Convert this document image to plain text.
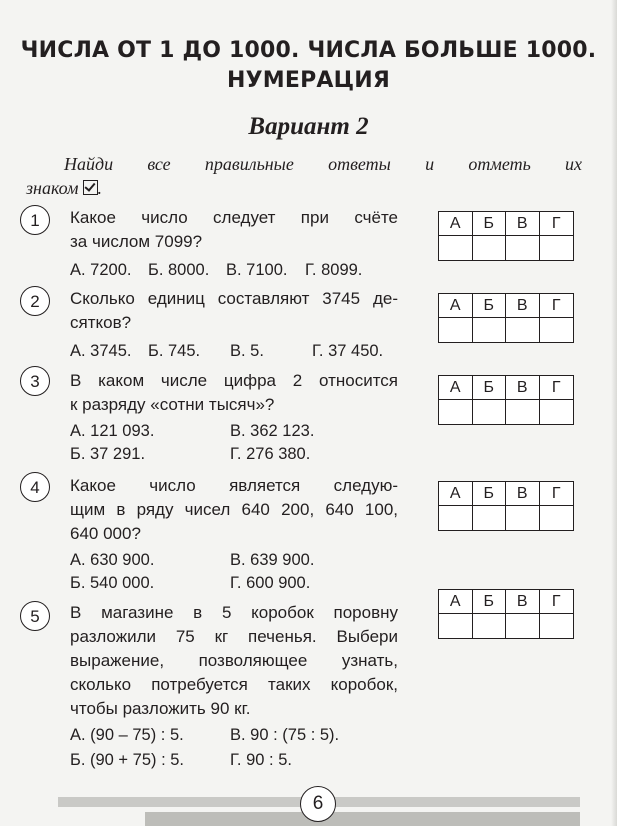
ЧИСЛА ОТ 1 ДО 1000. ЧИСЛА БОЛЬШЕ 1000.
НУМЕРАЦИЯ
Вариант 2
Найди все правильные ответы и отметь их
знаком .
1	Какое число следует при счёте
за числом 7099?
А. 7200. Б. 8000. В. 7100. Г. 8099.
А	Б	В	Г
2	Сколько единиц составляют 3745 де-
сятков?
А. 3745. Б. 745. В. 5.	Г. 37 450.
А	Б	В	Г
3	В каком числе цифра 2 относится
к разряду «сотни тысяч»?
А. 121 093.	В. 362 123.
Б. 37 291.	Г. 276 380.
А	Б	В	Г
4	Какое число является следую-
щим в ряду чисел 640 200, 640 100,
640 000?
А. 630 900.	В. 639 900.
Б. 540 000.	Г. 600 900.
А	Б	В	Г
5	В магазине в 5 коробок поровну
разложили 75 кг печенья. Выбери
выражение, позволяющее узнать,
сколько потребуется таких коробок,
чтобы разложить 90 кг.
А. (90 – 75) : 5.	В. 90 : (75 : 5).
Б. (90 + 75) : 5.	Г. 90 : 5.
А	Б	В	Г
6
